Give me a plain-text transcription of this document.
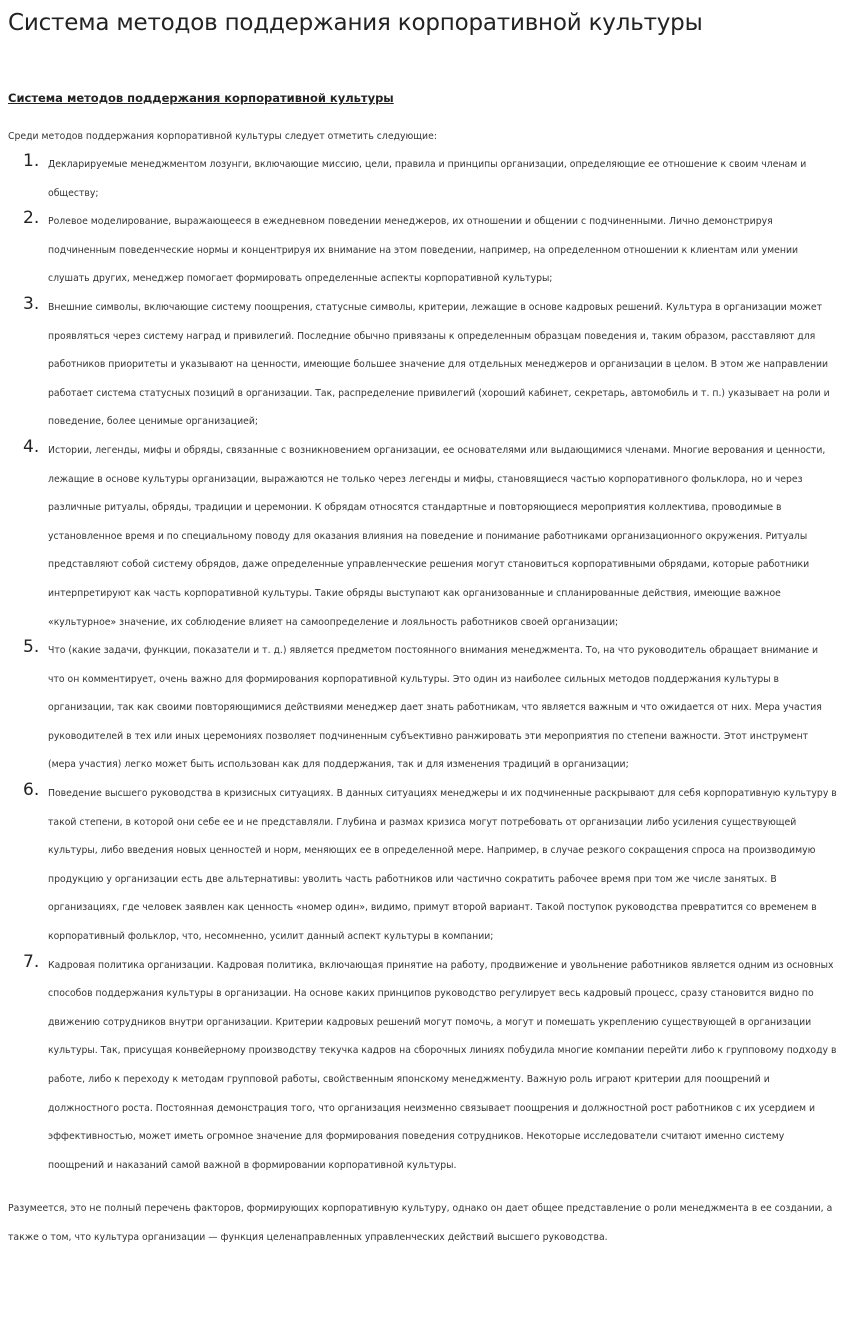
Система методов поддержания корпоративной культуры
Система методов поддержания корпоративной культуры

Среди методов поддержания корпоративной культуры следует отметить следующие:

1. Декларируемые менеджментом лозунги, включающие миссию, цели, правила и принципы организации, определяющие ее отношение к своим членам и обществу;
2. Ролевое моделирование, выражающееся в ежедневном поведении менеджеров, их отношении и общении с подчиненными. Лично демонстрируя подчиненным поведенческие нормы и концентрируя их внимание на этом поведении, например, на определенном отношении к клиентам или умении слушать других, менеджер помогает формировать определенные аспекты корпоративной культуры;
3. Внешние символы, включающие систему поощрения, статусные символы, критерии, лежащие в основе кадровых решений. Культура в организации может проявляться через систему наград и привилегий. Последние обычно привязаны к определенным образцам поведения и, таким образом, расставляют для работников приоритеты и указывают на ценности, имеющие большее значение для отдельных менеджеров и организации в целом. В этом же направлении работает система статусных позиций в организации. Так, распределение привилегий (хороший кабинет, секретарь, автомобиль и т. п.) указывает на роли и поведение, более ценимые организацией;
4. Истории, легенды, мифы и обряды, связанные с возникновением организации, ее основателями или выдающимися членами. Многие верования и ценности, лежащие в основе культуры организации, выражаются не только через легенды и мифы, становящиеся частью корпоративного фольклора, но и через различные ритуалы, обряды, традиции и церемонии. К обрядам относятся стандартные и повторяющиеся мероприятия коллектива, проводимые в установленное время и по специальному поводу для оказания влияния на поведение и понимание работниками организационного окружения. Ритуалы представляют собой систему обрядов, даже определенные управленческие решения могут становиться корпоративными обрядами, которые работники интерпретируют как часть корпоративной культуры. Такие обряды выступают как организованные и спланированные действия, имеющие важное «культурное» значение, их соблюдение влияет на самоопределение и лояльность работников своей организации;
5. Что (какие задачи, функции, показатели и т. д.) является предметом постоянного внимания менеджмента. То, на что руководитель обращает внимание и что он комментирует, очень важно для формирования корпоративной культуры. Это один из наиболее сильных методов поддержания культуры в организации, так как своими повторяющимися действиями менеджер дает знать работникам, что является важным и что ожидается от них. Мера участия руководителей в тех или иных церемониях позволяет подчиненным субъективно ранжировать эти мероприятия по степени важности. Этот инструмент (мера участия) легко может быть использован как для поддержания, так и для изменения традиций в организации;
6. Поведение высшего руководства в кризисных ситуациях. В данных ситуациях менеджеры и их подчиненные раскрывают для себя корпоративную культуру в такой степени, в которой они себе ее и не представляли. Глубина и размах кризиса могут потребовать от организации либо усиления существующей культуры, либо введения новых ценностей и норм, меняющих ее в определенной мере. Например, в случае резкого сокращения спроса на производимую продукцию у организации есть две альтернативы: уволить часть работников или частично сократить рабочее время при том же числе занятых. В организациях, где человек заявлен как ценность «номер один», видимо, примут второй вариант. Такой поступок руководства превратится со временем в корпоративный фольклор, что, несомненно, усилит данный аспект культуры в компании;
7. Кадровая политика организации. Кадровая политика, включающая принятие на работу, продвижение и увольнение работников является одним из основных способов поддержания культуры в организации. На основе каких принципов руководство регулирует весь кадровый процесс, сразу становится видно по движению сотрудников внутри организации. Критерии кадровых решений могут помочь, а могут и помешать укреплению существующей в организации культуры. Так, присущая конвейерному производству текучка кадров на сборочных линиях побудила многие компании перейти либо к групповому подходу в работе, либо к переходу к методам групповой работы, свойственным японскому менеджменту. Важную роль играют критерии для поощрений и должностного роста. Постоянная демонстрация того, что организация неизменно связывает поощрения и должностной рост работников с их усердием и эффективностью, может иметь огромное значение для формирования поведения сотрудников. Некоторые исследователи считают именно систему поощрений и наказаний самой важной в формировании корпоративной культуры.

Разумеется, это не полный перечень факторов, формирующих корпоративную культуру, однако он дает общее представление о роли менеджмента в ее создании, а также о том, что культура организации — функция целенаправленных управленческих действий высшего руководства.
